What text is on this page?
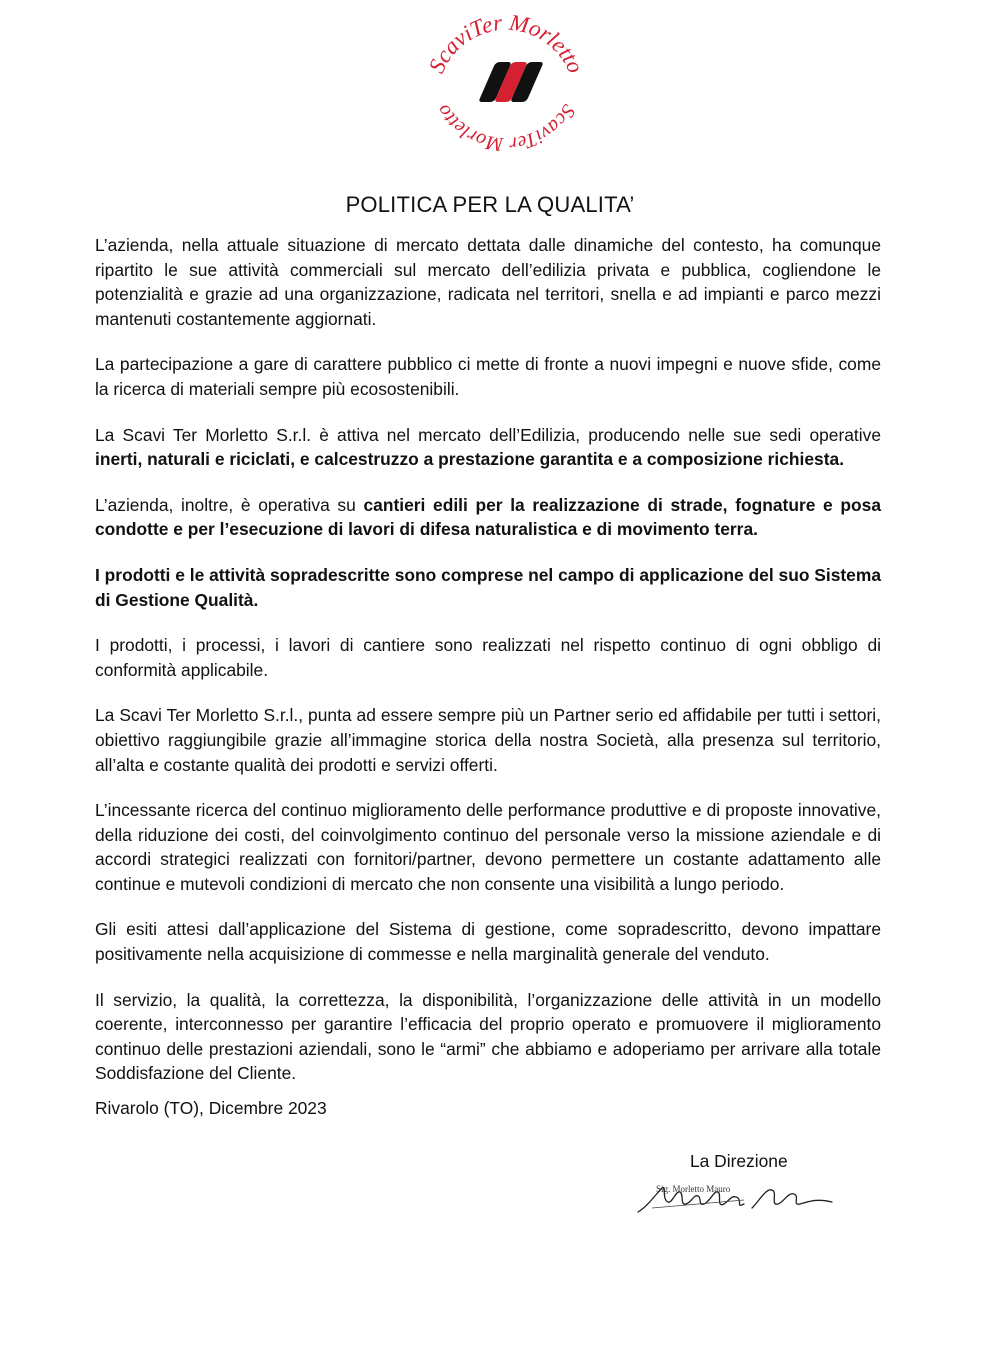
ScaviTer Morletto
ScaviTer Morletto
POLITICA PER LA QUALITA’

L’azienda, nella attuale situazione di mercato dettata dalle dinamiche del contesto, ha comunque ripartito le sue attività commerciali sul mercato dell’edilizia privata e pubblica, cogliendone le potenzialità e grazie ad una organizzazione, radicata nel territori, snella e ad impianti e parco mezzi mantenuti costantemente aggiornati.

La partecipazione a gare di carattere pubblico ci mette di fronte a nuovi impegni e nuove sfide, come la ricerca di materiali sempre più ecosostenibili.

La Scavi Ter Morletto S.r.l. è attiva nel mercato dell’Edilizia, producendo nelle sue sedi operative inerti, naturali e riciclati, e calcestruzzo a prestazione garantita e a composizione richiesta.

L’azienda, inoltre, è operativa su cantieri edili per la realizzazione di strade, fognature e posa condotte e per l’esecuzione di lavori di difesa naturalistica e di movimento terra.

I prodotti e le attività sopradescritte sono comprese nel campo di applicazione del suo Sistema di Gestione Qualità.

I prodotti, i processi, i lavori di cantiere sono realizzati nel rispetto continuo di ogni obbligo di conformità applicabile.

La Scavi Ter Morletto S.r.l., punta ad essere sempre più un Partner serio ed affidabile per tutti i settori, obiettivo raggiungibile grazie all’immagine storica della nostra Società, alla presenza sul territorio, all’alta e costante qualità dei prodotti e servizi offerti.

L’incessante ricerca del continuo miglioramento delle performance produttive e di proposte innovative, della riduzione dei costi, del coinvolgimento continuo del personale verso la missione aziendale e di accordi strategici realizzati con fornitori/partner, devono permettere un costante adattamento alle continue e mutevoli condizioni di mercato che non consente una visibilità a lungo periodo.

Gli esiti attesi dall’applicazione del Sistema di gestione, come sopradescritto, devono impattare positivamente nella acquisizione di commesse e nella marginalità generale del venduto.

Il servizio, la qualità, la correttezza, la disponibilità, l’organizzazione delle attività in un modello coerente, interconnesso per garantire l’efficacia del proprio operato e promuovere il miglioramento continuo delle prestazioni aziendali, sono le “armi” che abbiamo e adoperiamo per arrivare alla totale Soddisfazione del Cliente.

Rivarolo (TO), Dicembre 2023

La Direzione
Sig. Morletto Mauro
